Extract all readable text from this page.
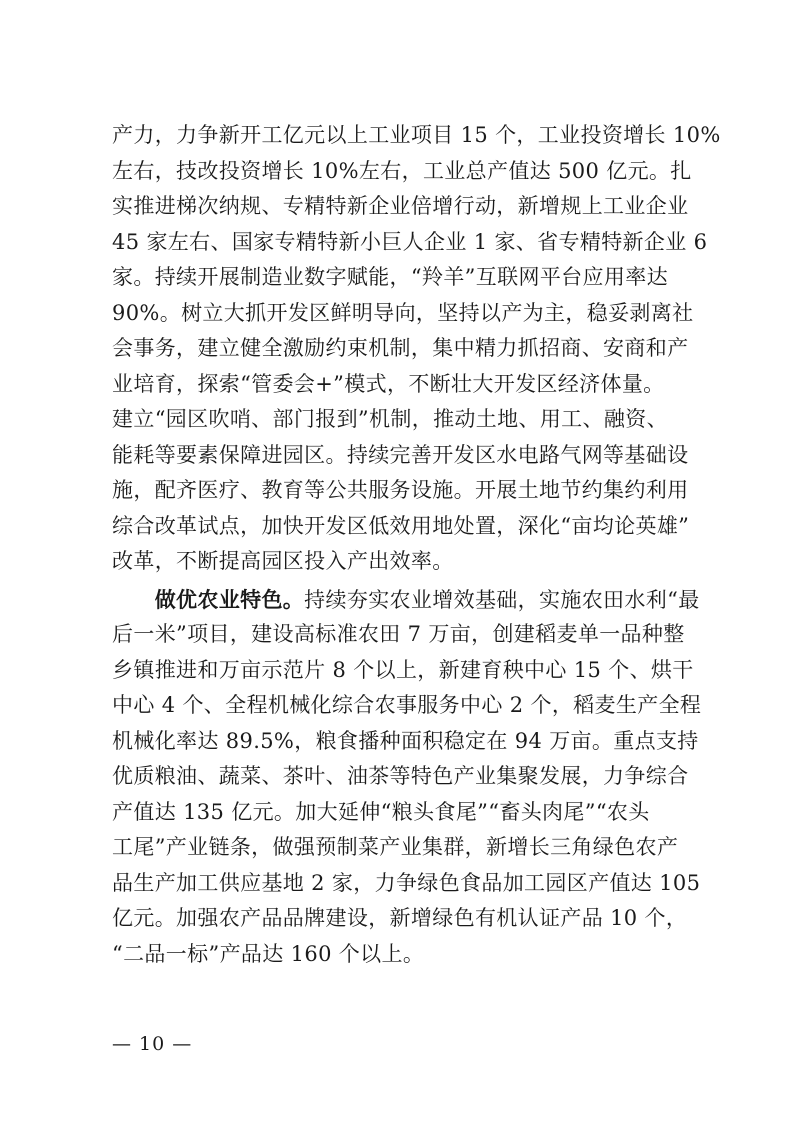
产力，力争新开工亿元以上工业项目 15 个，工业投资增长 10%
左右，技改投资增长 10%左右，工业总产值达 500 亿元。扎
实推进梯次纳规、专精特新企业倍增行动，新增规上工业企业
45 家左右、国家专精特新小巨人企业 1 家、省专精特新企业 6
家。持续开展制造业数字赋能，“羚羊”互联网平台应用率达
90%。树立大抓开发区鲜明导向，坚持以产为主，稳妥剥离社
会事务，建立健全激励约束机制，集中精力抓招商、安商和产
业培育，探索“管委会+”模式，不断壮大开发区经济体量。
建立“园区吹哨、部门报到”机制，推动土地、用工、融资、
能耗等要素保障进园区。持续完善开发区水电路气网等基础设
施，配齐医疗、教育等公共服务设施。开展土地节约集约利用
综合改革试点，加快开发区低效用地处置，深化“亩均论英雄”
改革，不断提高园区投入产出效率。
　　做优农业特色。持续夯实农业增效基础，实施农田水利“最
后一米”项目，建设高标准农田 7 万亩，创建稻麦单一品种整
乡镇推进和万亩示范片 8 个以上，新建育秧中心 15 个、烘干
中心 4 个、全程机械化综合农事服务中心 2 个，稻麦生产全程
机械化率达 89.5%，粮食播种面积稳定在 94 万亩。重点支持
优质粮油、蔬菜、茶叶、油茶等特色产业集聚发展，力争综合
产值达 135 亿元。加大延伸“粮头食尾”“畜头肉尾”“农头
工尾”产业链条，做强预制菜产业集群，新增长三角绿色农产
品生产加工供应基地 2 家，力争绿色食品加工园区产值达 105
亿元。加强农产品品牌建设，新增绿色有机认证产品 10 个，
“二品一标”产品达 160 个以上。
— 10 —
